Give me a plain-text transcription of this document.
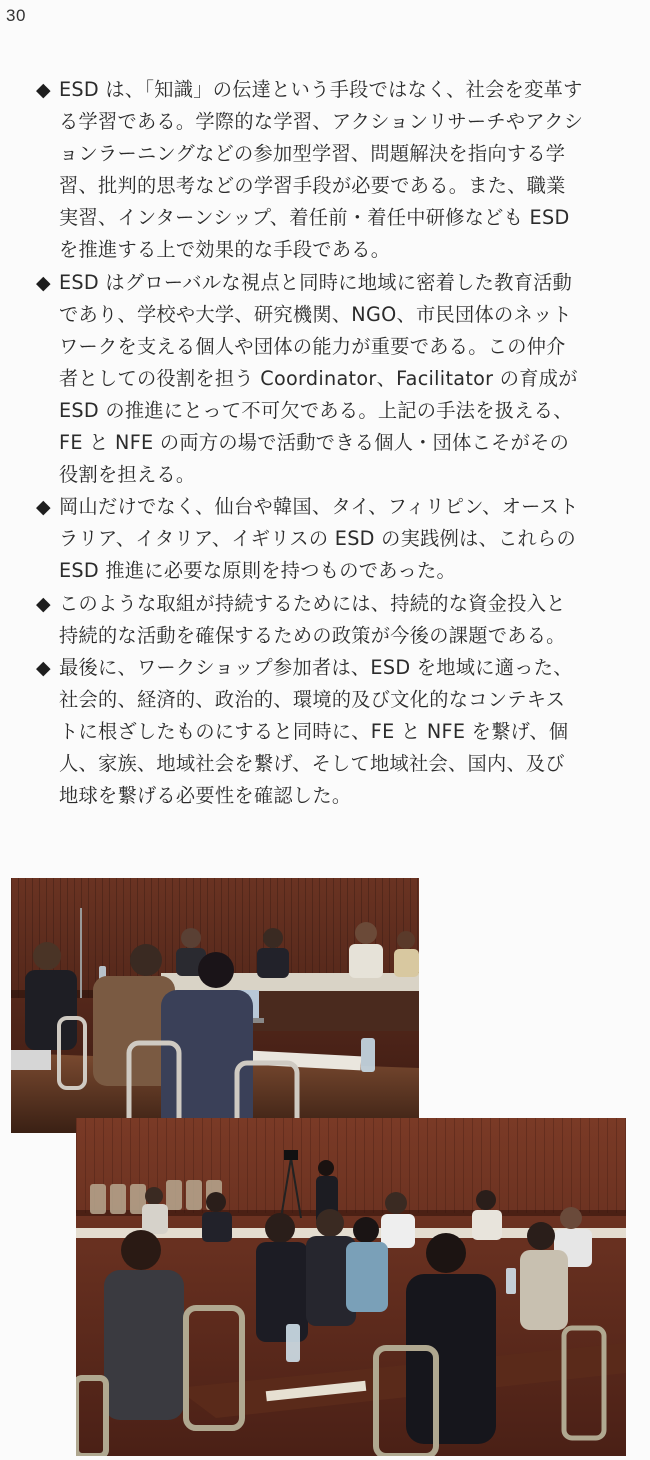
30
◆ ESD は、「知識」の伝達という手段ではなく、社会を変革する学習である。学際的な学習、アクションリサーチやアクションラーニングなどの参加型学習、問題解決を指向する学習、批判的思考などの学習手段が必要である。また、職業実習、インターンシップ、着任前・着任中研修なども ESD を推進する上で効果的な手段である。
◆ ESD はグローバルな視点と同時に地域に密着した教育活動であり、学校や大学、研究機関、NGO、市民団体のネットワークを支える個人や団体の能力が重要である。この仲介者としての役割を担う Coordinator、Facilitator の育成が ESD の推進にとって不可欠である。上記の手法を扱える、FE と NFE の両方の場で活動できる個人・団体こそがその役割を担える。
◆ 岡山だけでなく、仙台や韓国、タイ、フィリピン、オーストラリア、イタリア、イギリスの ESD の実践例は、これらの ESD 推進に必要な原則を持つものであった。
◆ このような取組が持続するためには、持続的な資金投入と持続的な活動を確保するための政策が今後の課題である。
◆ 最後に、ワークショップ参加者は、ESD を地域に適った、社会的、経済的、政治的、環境的及び文化的なコンテキストに根ざしたものにすると同時に、FE と NFE を繋げ、個人、家族、地域社会を繋げ、そして地域社会、国内、及び地球を繋げる必要性を確認した。
